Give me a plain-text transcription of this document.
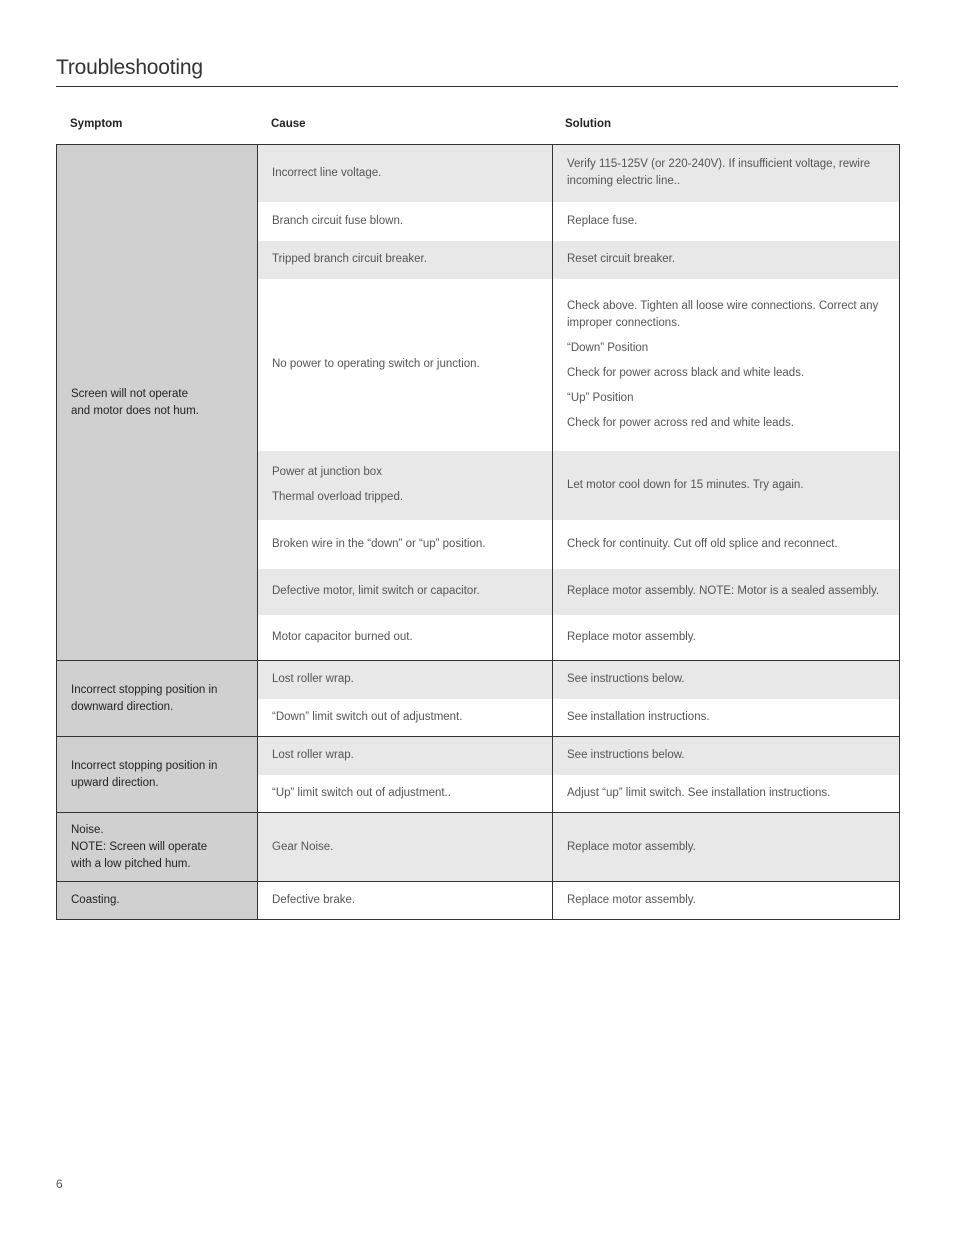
Troubleshooting
Symptom	Cause	Solution
Screen will not operate
and motor does not hum.	Incorrect line voltage.	Verify 115-125V (or 220-240V). If insufficient voltage, rewire incoming electric line..

	Branch circuit fuse blown.	Replace fuse.

	Tripped branch circuit breaker.	Reset circuit breaker.

	No power to operating switch or junction.	Check above. Tighten all loose wire connections. Correct any improper connections.
“Down” Position
Check for power across black and white leads.
“Up” Position
Check for power across red and white leads.

	Power at junction box
Thermal overload tripped.	Let motor cool down for 15 minutes. Try again.

	Broken wire in the “down” or “up” position.	Check for continuity. Cut off old splice and reconnect.

	Defective motor, limit switch or capacitor.	Replace motor assembly. NOTE: Motor is a sealed assembly.

	Motor capacitor burned out.	Replace motor assembly.

Incorrect stopping position in downward direction.	Lost roller wrap.	See instructions below.

	“Down” limit switch out of adjustment.	See installation instructions.

Incorrect stopping position in upward direction.	Lost roller wrap.	See instructions below.

	“Up” limit switch out of adjustment..	Adjust “up” limit switch. See installation instructions.

Noise.
NOTE: Screen will operate
with a low pitched hum.	Gear Noise.	Replace motor assembly.

Coasting.	Defective brake.	Replace motor assembly.
6
